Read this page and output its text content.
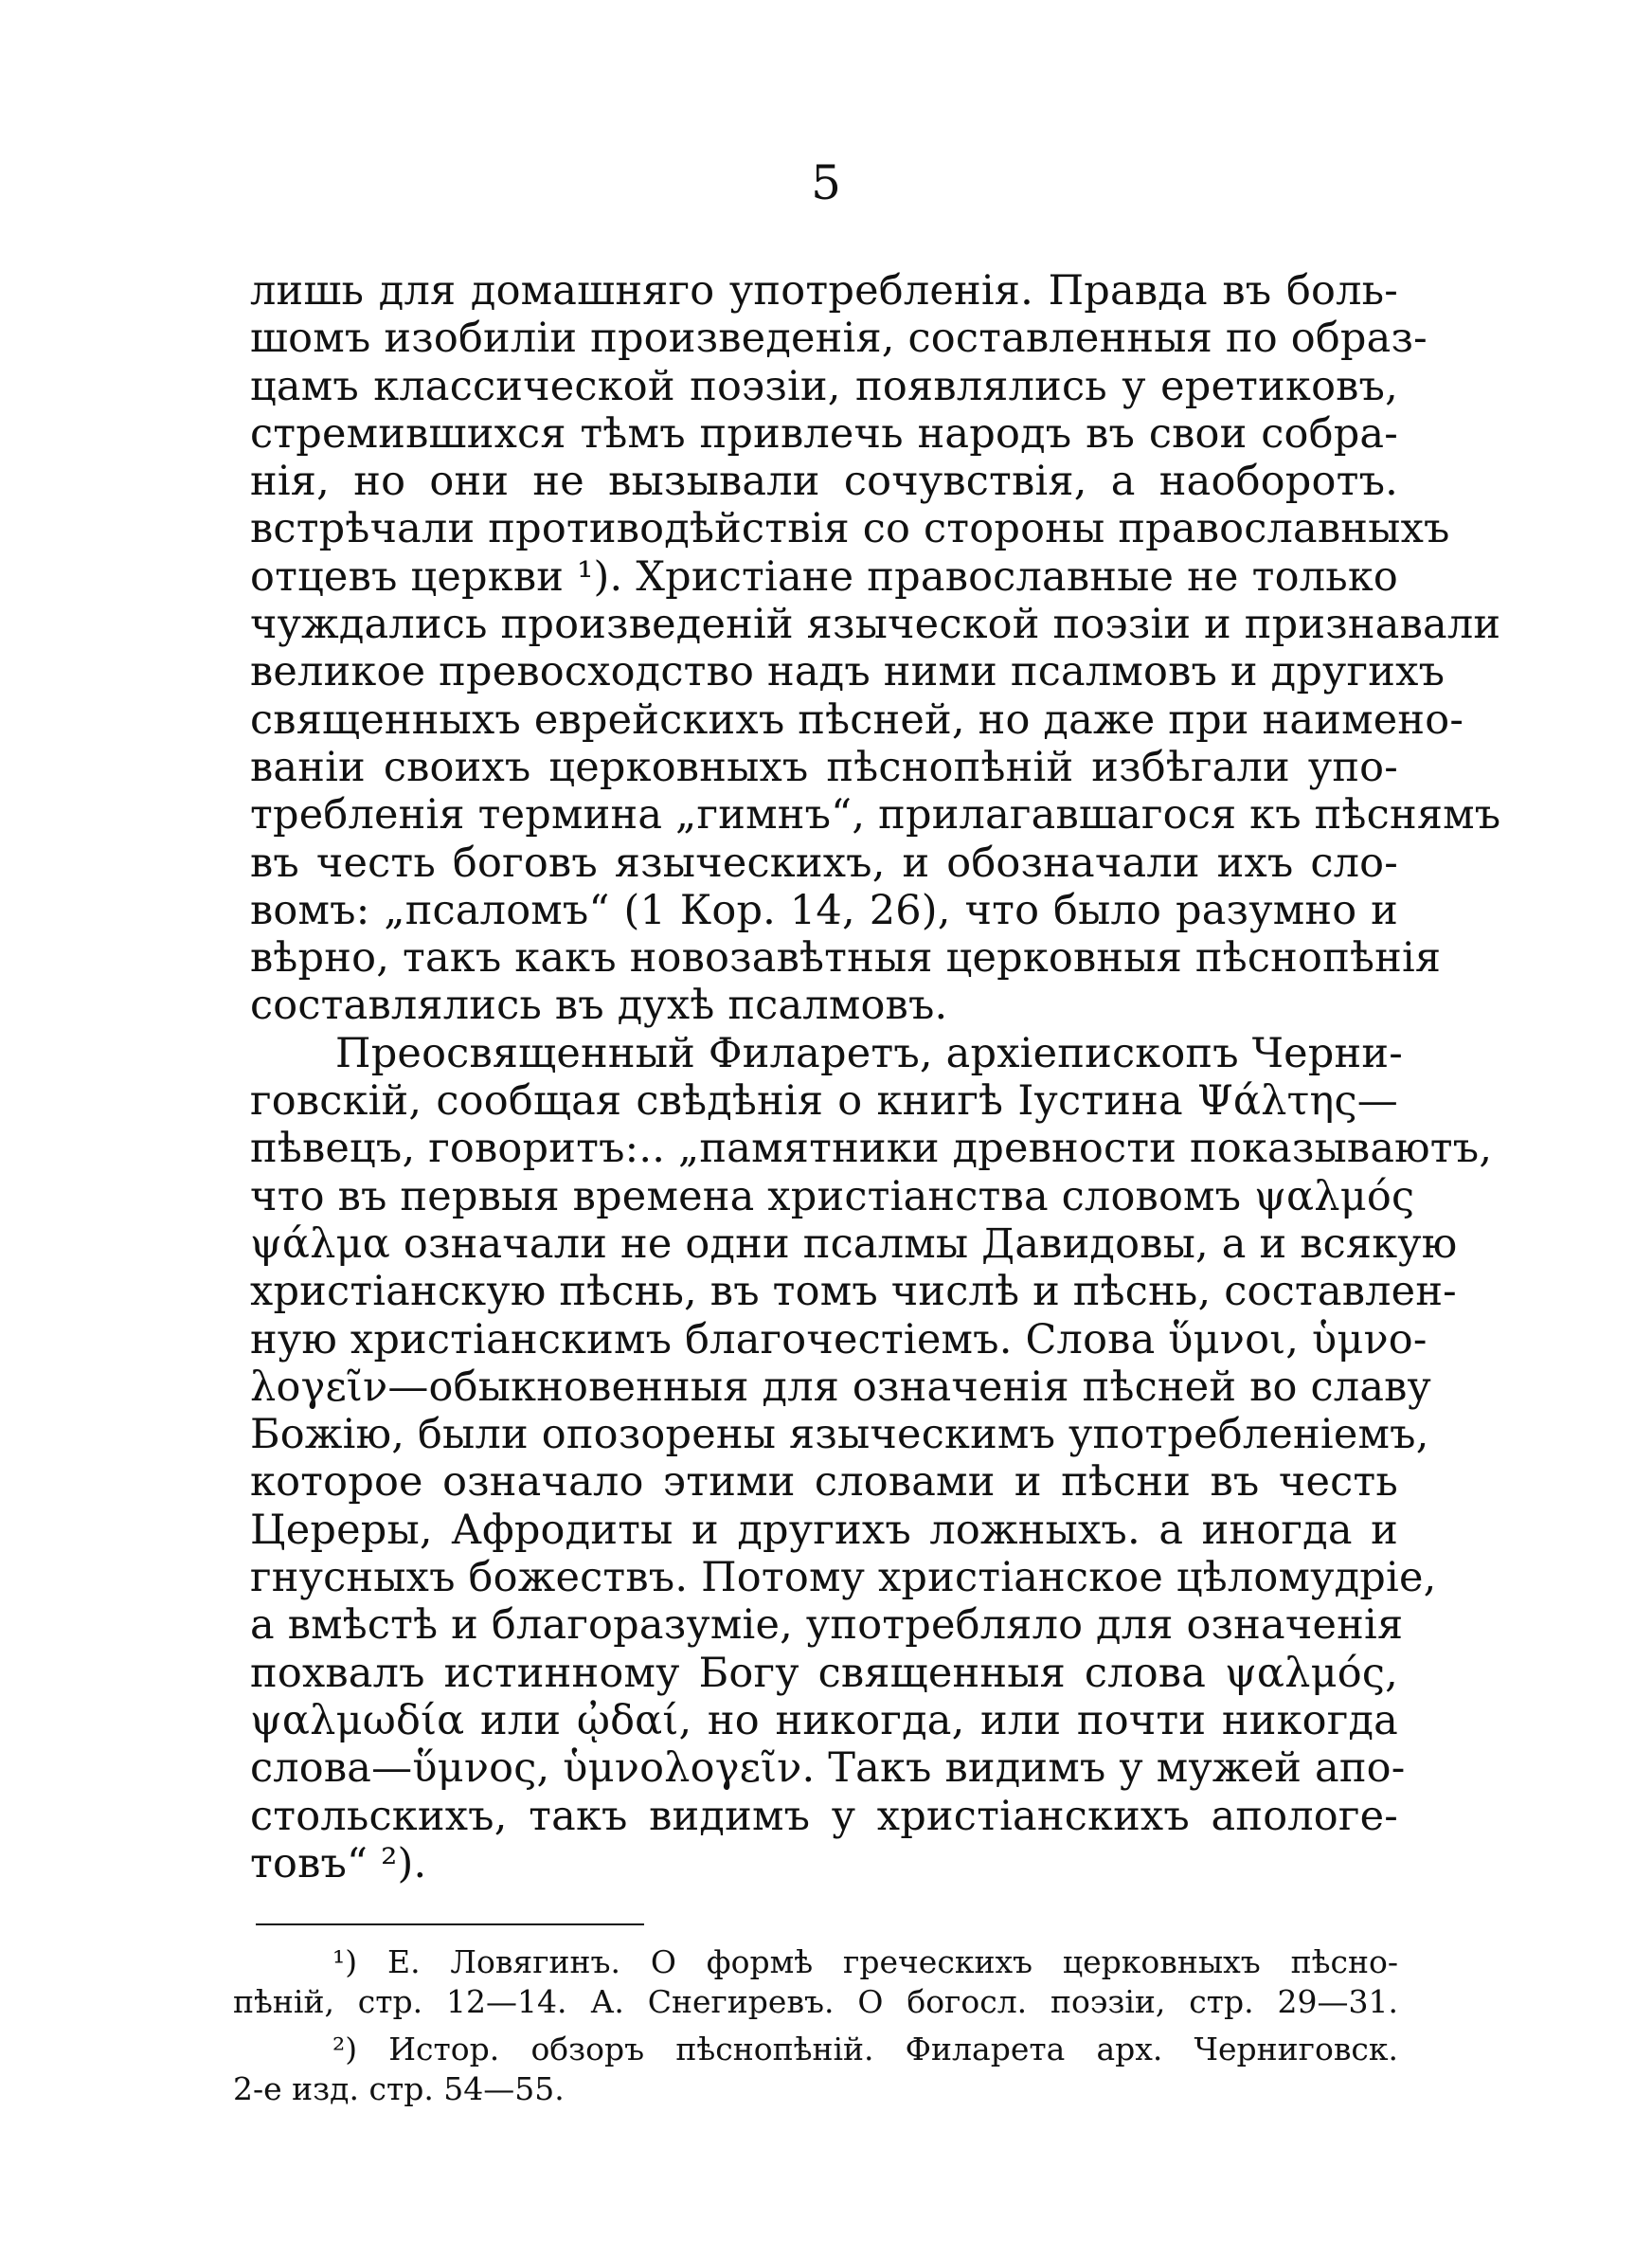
5
лишь для домашняго употребленія. Правда въ боль-
шомъ изобиліи произведенія, составленныя по образ-
цамъ классической поэзіи, появлялись у еретиковъ,
стремившихся тѣмъ привлечь народъ въ свои собра-
нія, но они не вызывали сочувствія, а наоборотъ.
встрѣчали противодѣйствія со стороны православныхъ
отцевъ церкви ¹). Христіане православные не только
чуждались произведеній языческой поэзіи и признавали
великое превосходство надъ ними псалмовъ и другихъ
священныхъ еврейскихъ пѣсней, но даже при наимено-
ваніи своихъ церковныхъ пѣснопѣній избѣгали упо-
требленія термина „гимнъ“, прилагавшагося къ пѣснямъ
въ честь боговъ языческихъ, и обозначали ихъ сло-
вомъ: „псаломъ“ (1 Кор. 14, 26), что было разумно и
вѣрно, такъ какъ новозавѣтныя церковныя пѣснопѣнія
составлялись въ духѣ псалмовъ.
Преосвященный Филаретъ, архіепископъ Черни-
говскій, сообщая свѣдѣнія о книгѣ Іустина Ψάλτης—
пѣвецъ, говоритъ:.. „памятники древности показываютъ,
что въ первыя времена христіанства словомъ ψαλμός
ψάλμα означали не одни псалмы Давидовы, а и всякую
христіанскую пѣснь, въ томъ числѣ и пѣснь, составлен-
ную христіанскимъ благочестіемъ. Слова ὕμνοι, ὑμνο-
λογεῖν—обыкновенныя для означенія пѣсней во славу
Божію, были опозорены языческимъ употребленіемъ,
которое означало этими словами и пѣсни въ честь
Цереры, Афродиты и другихъ ложныхъ. а иногда и
гнусныхъ божествъ. Потому христіанское цѣломудріе,
а вмѣстѣ и благоразуміе, употребляло для означенія
похвалъ истинному Богу священныя слова ψαλμός,
ψαλμωδία или ᾠδαί, но никогда, или почти никогда
слова—ὕμνος, ὑμνολογεῖν. Такъ видимъ у мужей апо-
стольскихъ, такъ видимъ у христіанскихъ апологе-
товъ“ ²).
¹) Е. Ловягинъ. О формѣ греческихъ церковныхъ пѣсно-
пѣній, стр. 12—14. А. Снегиревъ. О богосл. поэзіи, стр. 29—31.
²) Истор. обзоръ пѣснопѣній. Филарета арх. Черниговск.
2-е изд. стр. 54—55.
